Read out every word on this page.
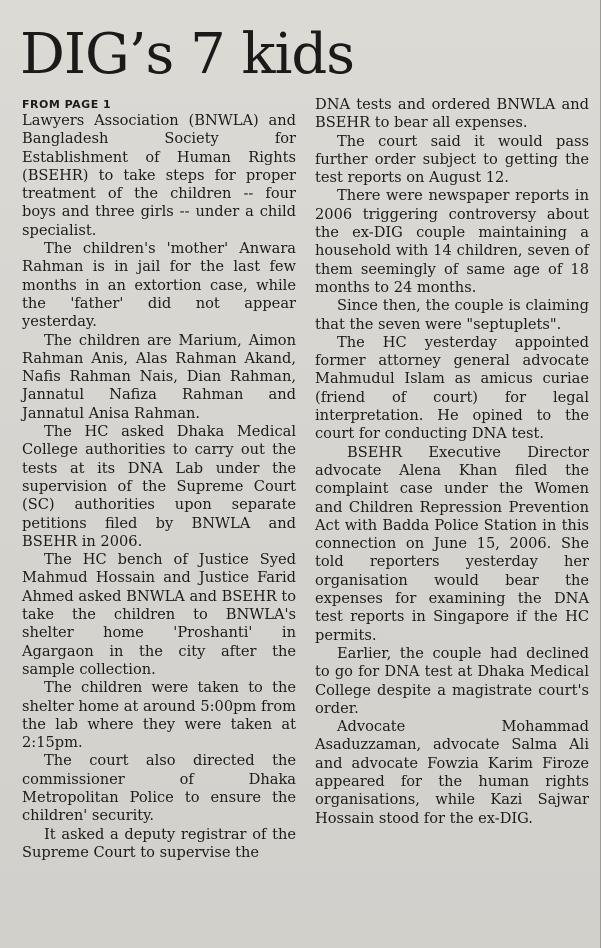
DIG’s 7 kids

FROM PAGE 1

Lawyers Association (BNWLA) and Bangladesh Society for Establishment of Human Rights (BSEHR) to take steps for proper treatment of the children -- four boys and three girls -- under a child specialist.

The children's 'mother' Anwara Rahman is in jail for the last few months in an extortion case, while the 'father' did not appear yesterday.

The children are Marium, Aimon Rahman Anis, Alas Rahman Akand, Nafis Rahman Nais, Dian Rahman, Jannatul Nafiza Rahman and Jannatul Anisa Rahman.

The HC asked Dhaka Medical College authorities to carry out the tests at its DNA Lab under the supervision of the Supreme Court (SC) authorities upon separate petitions filed by BNWLA and BSEHR in 2006.

The HC bench of Justice Syed Mahmud Hossain and Justice Farid Ahmed asked BNWLA and BSEHR to take the children to BNWLA's shelter home 'Proshanti' in Agargaon in the city after the sample collection.

The children were taken to the shelter home at around 5:00pm from the lab where they were taken at 2:15pm.

The court also directed the commissioner of Dhaka Metropolitan Police to ensure the children' security.

It asked a deputy registrar of the Supreme Court to supervise the

DNA tests and ordered BNWLA and BSEHR to bear all expenses.

The court said it would pass further order subject to getting the test reports on August 12.

There were newspaper reports in 2006 triggering controversy about the ex-DIG couple maintaining a household with 14 children, seven of them seemingly of same age of 18 months to 24 months.

Since then, the couple is claiming that the seven were "septuplets".

The HC yesterday appointed former attorney general advocate Mahmudul Islam as amicus curiae (friend of court) for legal interpretation. He opined to the court for conducting DNA test.

BSEHR Executive Director advocate Alena Khan filed the complaint case under the Women and Children Repression Prevention Act with Badda Police Station in this connection on June 15, 2006. She told reporters yesterday her organisation would bear the expenses for examining the DNA test reports in Singapore if the HC permits.

Earlier, the couple had declined to go for DNA test at Dhaka Medical College despite a magistrate court's order.

Advocate Mohammad Asaduzzaman, advocate Salma Ali and advocate Fowzia Karim Firoze appeared for the human rights organisations, while Kazi Sajwar Hossain stood for the ex-DIG.
